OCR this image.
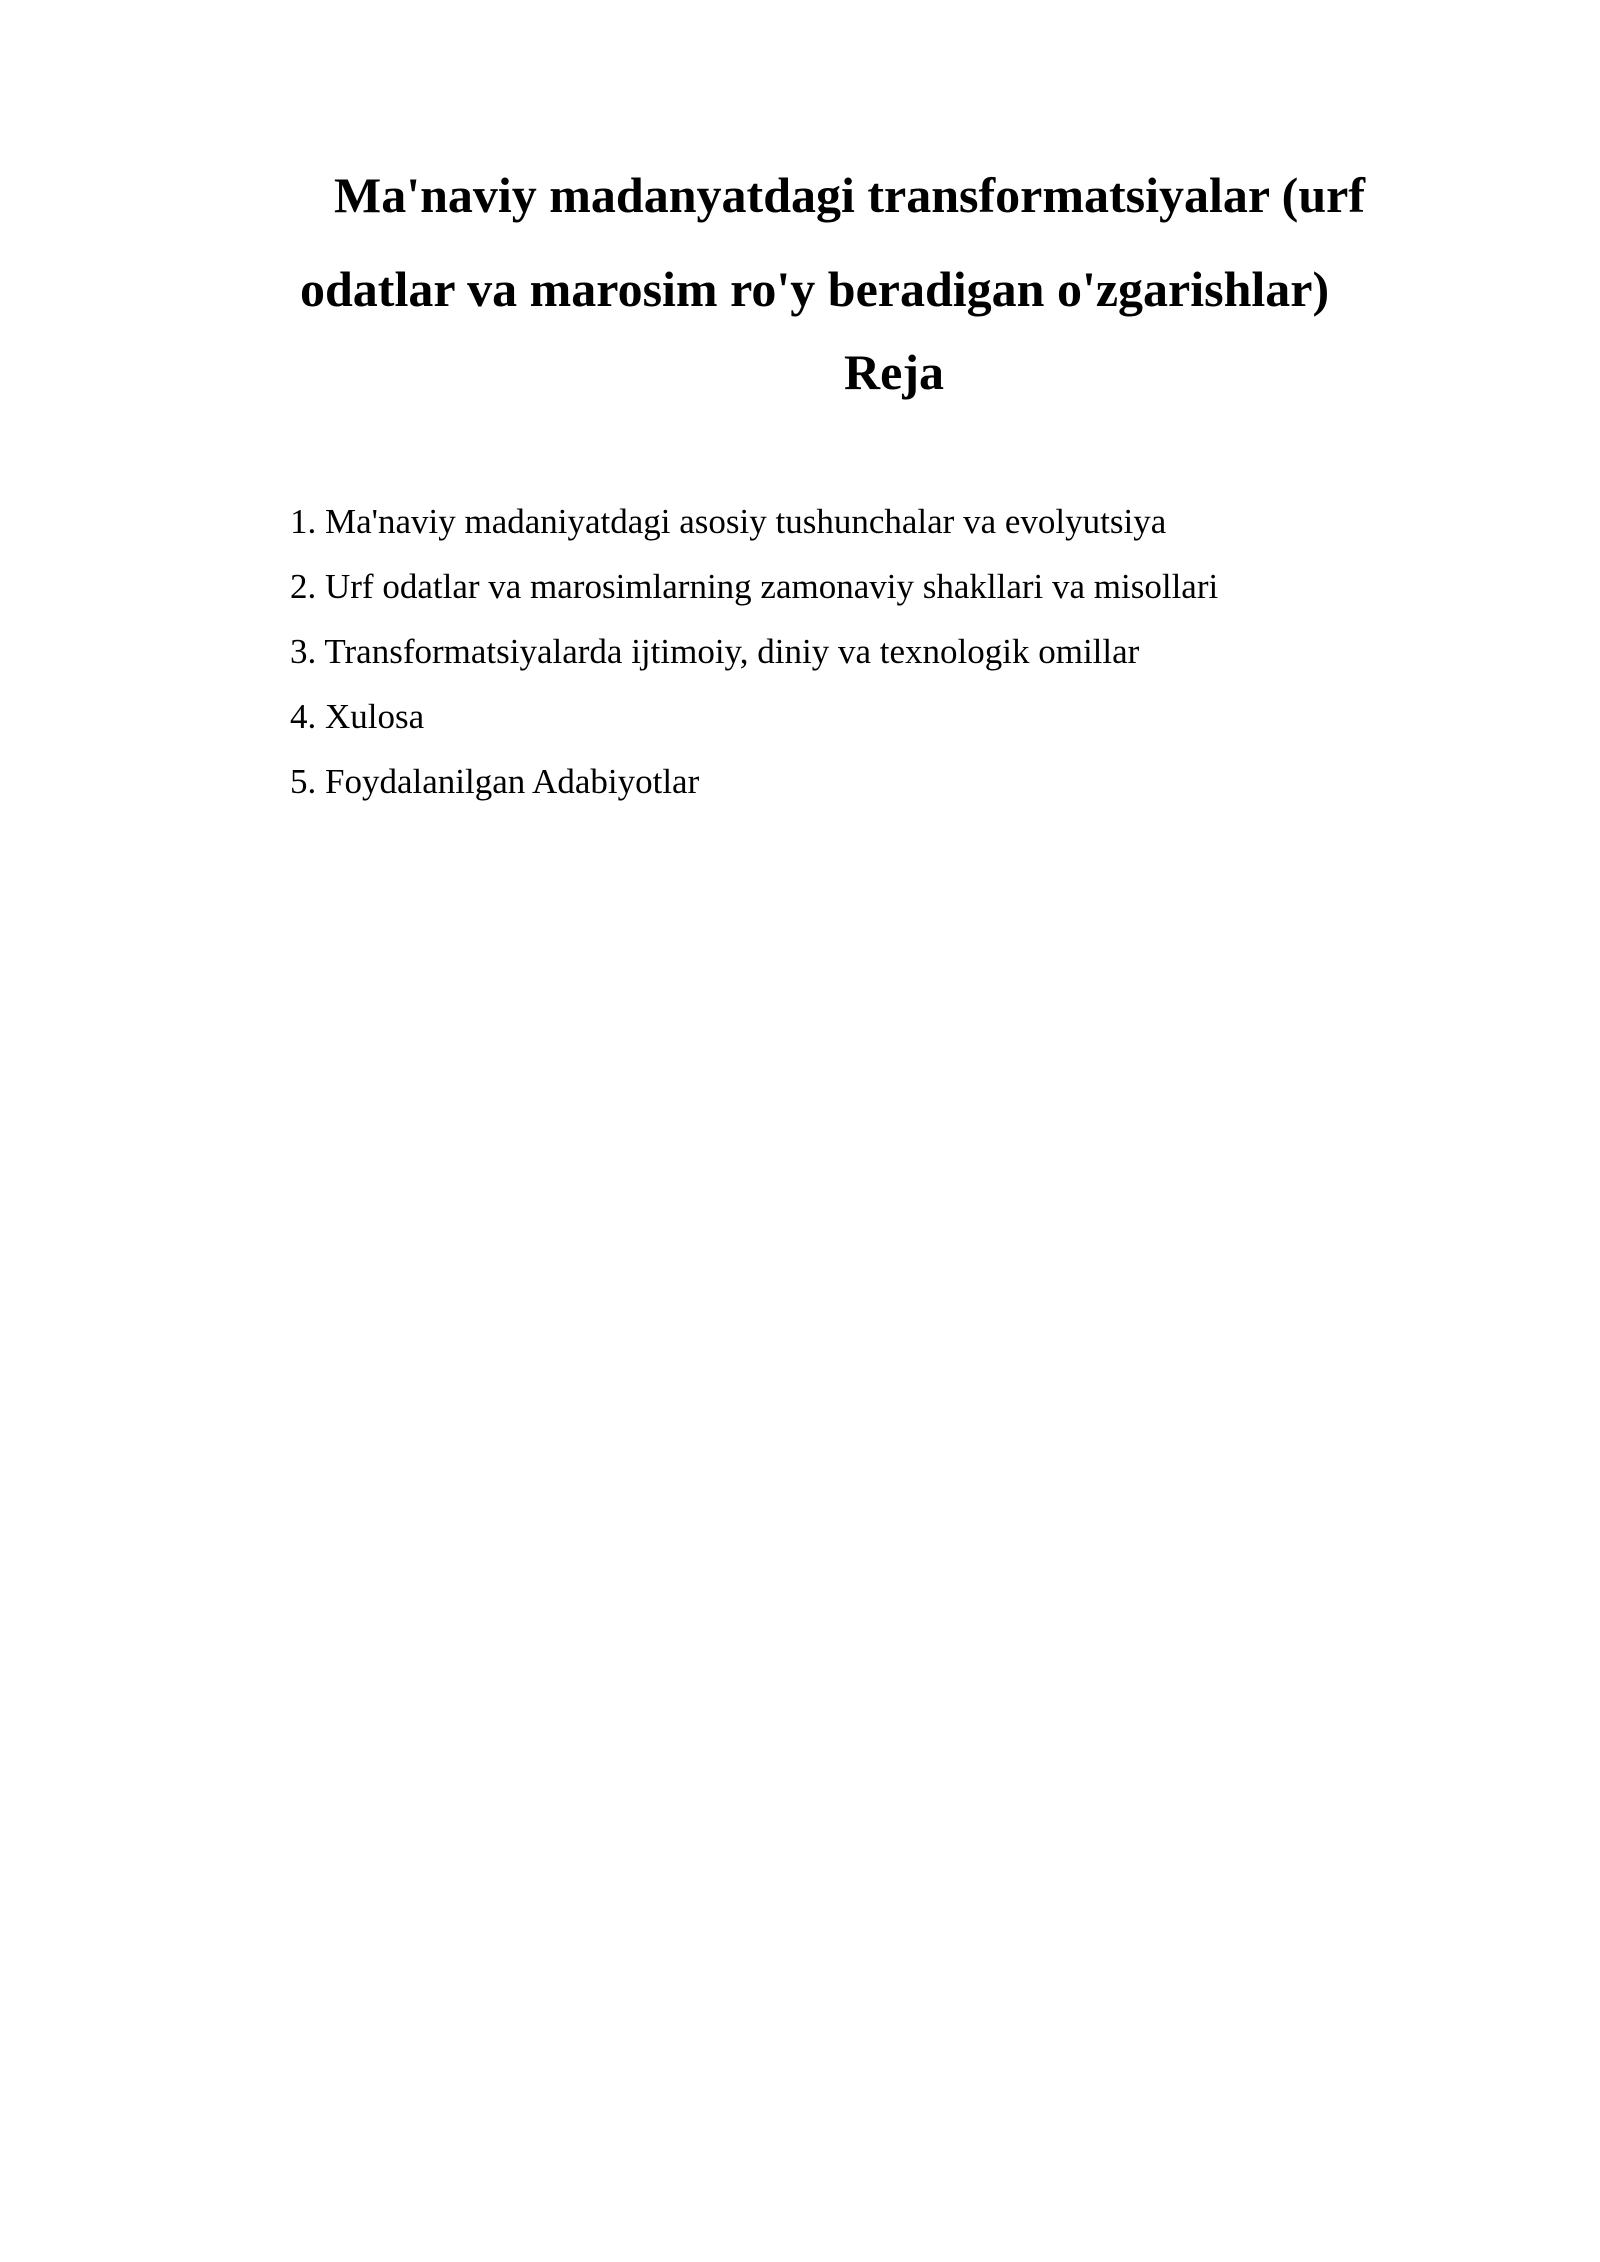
Ma'naviy madanyatdagi transformatsiyalar (urf odatlar va marosim ro'y beradigan o'zgarishlar)
Reja
1. Ma'naviy madaniyatdagi asosiy tushunchalar va evolyutsiya
2. Urf odatlar va marosimlarning zamonaviy shakllari va misollari
3. Transformatsiyalarda ijtimoiy, diniy va texnologik omillar
4. Xulosa
5. Foydalanilgan Adabiyotlar
